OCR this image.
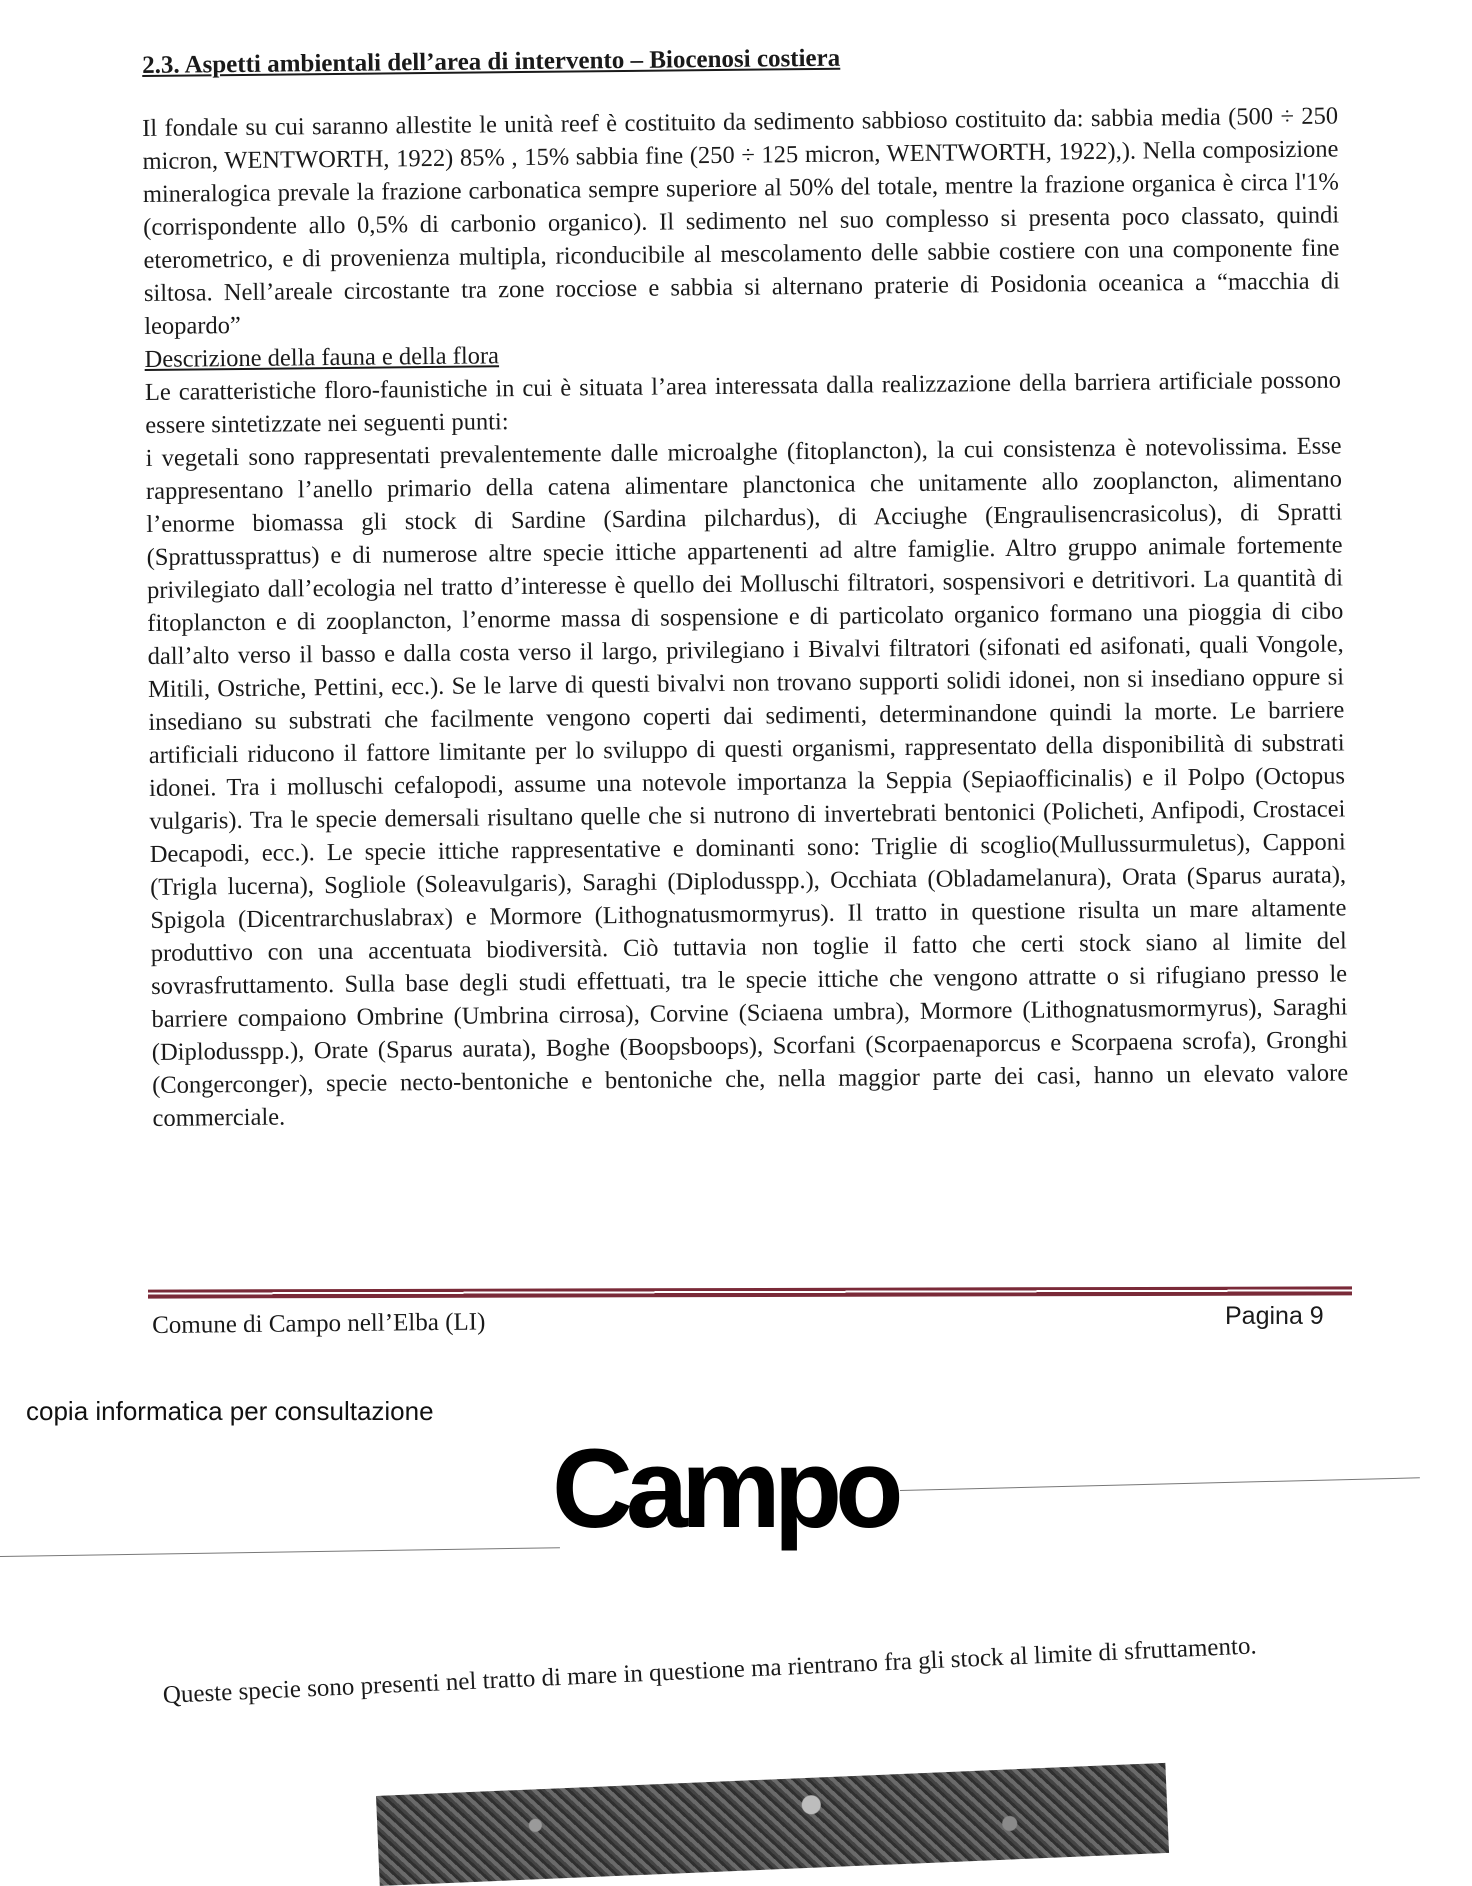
2.3. Aspetti ambientali dell’area di intervento – Biocenosi costiera

Il fondale su cui saranno allestite le unità reef è costituito da sedimento sabbioso costituito da: sabbia media (500 ÷ 250 micron, WENTWORTH, 1922) 85% , 15% sabbia fine (250 ÷ 125 micron, WENTWORTH, 1922),). Nella composizione mineralogica prevale la frazione carbonatica sempre superiore al 50% del totale, mentre la frazione organica è circa l'1% (corrispondente allo 0,5% di carbonio organico). Il sedimento nel suo complesso si presenta poco classato, quindi eterometrico, e di provenienza multipla, riconducibile al mescolamento delle sabbie costiere con una componente fine siltosa. Nell’areale circostante tra zone rocciose e sabbia si alternano praterie di Posidonia oceanica a “macchia di leopardo”

Descrizione della fauna e della flora

Le caratteristiche floro-faunistiche in cui è situata l’area interessata dalla realizzazione della barriera artificiale possono essere sintetizzate nei seguenti punti:

i vegetali sono rappresentati prevalentemente dalle microalghe (fitoplancton), la cui consistenza è notevolissima. Esse rappresentano l’anello primario della catena alimentare planctonica che unitamente allo zooplancton, alimentano l’enorme biomassa gli stock di Sardine (Sardina pilchardus), di Acciughe (Engraulisencrasicolus), di Spratti (Sprattussprattus) e di numerose altre specie ittiche appartenenti ad altre famiglie. Altro gruppo animale fortemente privilegiato dall’ecologia nel tratto d’interesse è quello dei Molluschi filtratori, sospensivori e detritivori. La quantità di fitoplancton e di zooplancton, l’enorme massa di sospensione e di particolato organico formano una pioggia di cibo dall’alto verso il basso e dalla costa verso il largo, privilegiano i Bivalvi filtratori (sifonati ed asifonati, quali Vongole, Mitili, Ostriche, Pettini, ecc.). Se le larve di questi bivalvi non trovano supporti solidi idonei, non si insediano oppure si insediano su substrati che facilmente vengono coperti dai sedimenti, determinandone quindi la morte. Le barriere artificiali riducono il fattore limitante per lo sviluppo di questi organismi, rappresentato della disponibilità di substrati idonei. Tra i molluschi cefalopodi, assume una notevole importanza la Seppia (Sepiaofficinalis) e il Polpo (Octopus vulgaris). Tra le specie demersali risultano quelle che si nutrono di invertebrati bentonici (Policheti, Anfipodi, Crostacei Decapodi, ecc.). Le specie ittiche rappresentative e dominanti sono: Triglie di scoglio(Mullussurmuletus), Capponi (Trigla lucerna), Sogliole (Soleavulgaris), Saraghi (Diplodusspp.), Occhiata (Obladamelanura), Orata (Sparus aurata), Spigola (Dicentrarchuslabrax) e Mormore (Lithognatusmormyrus). Il tratto in questione risulta un mare altamente produttivo con una accentuata biodiversità. Ciò tuttavia non toglie il fatto che certi stock siano al limite del sovrasfruttamento. Sulla base degli studi effettuati, tra le specie ittiche che vengono attratte o si rifugiano presso le barriere compaiono Ombrine (Umbrina cirrosa), Corvine (Sciaena umbra), Mormore (Lithognatusmormyrus), Saraghi (Diplodusspp.), Orate (Sparus aurata), Boghe (Boopsboops), Scorfani (Scorpaenaporcus e Scorpaena scrofa), Gronghi (Congerconger), specie necto-bentoniche e bentoniche che, nella maggior parte dei casi, hanno un elevato valore commerciale.

Comune di Campo nell’Elba (LI)	Pagina 9
copia informatica per consultazione
Campo

Queste specie sono presenti nel tratto di mare in questione ma rientrano fra gli stock al limite di sfruttamento.
